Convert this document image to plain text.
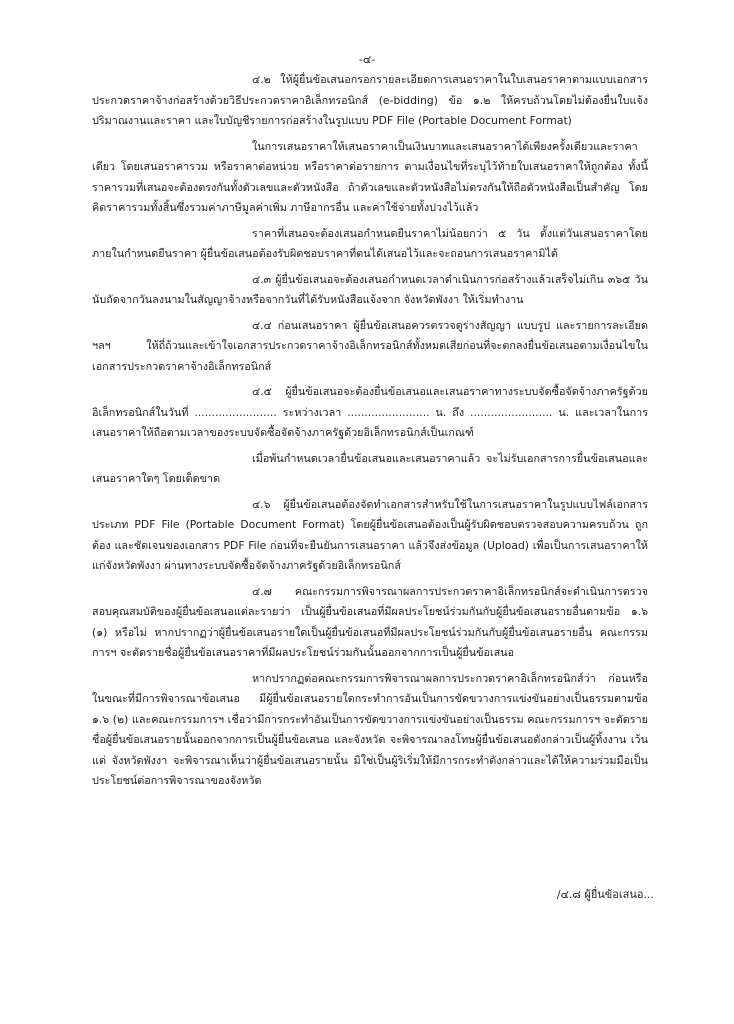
-๔-

๔.๒ ให้ผู้ยื่นข้อเสนอกรอกรายละเอียดการเสนอราคาในใบเสนอราคาตามแบบเอกสารประกวดราคาจ้างก่อสร้างด้วยวิธีประกวดราคาอิเล็กทรอนิกส์ (e-bidding) ข้อ ๑.๒ ให้ครบถ้วนโดยไม่ต้องยื่นใบแจ้งปริมาณงานและราคา และใบบัญชีรายการก่อสร้างในรูปแบบ PDF File (Portable Document Format)

ในการเสนอราคาให้เสนอราคาเป็นเงินบาทและเสนอราคาได้เพียงครั้งเดียวและราคาเดียว โดยเสนอราคารวม หรือราคาต่อหน่วย หรือราคาต่อรายการ ตามเงื่อนไขที่ระบุไว้ท้ายใบเสนอราคาให้ถูกต้อง ทั้งนี้ ราคารวมที่เสนอจะต้องตรงกันทั้งตัวเลขและตัวหนังสือ ถ้าตัวเลขและตัวหนังสือไม่ตรงกันให้ถือตัวหนังสือเป็นสำคัญ โดยคิดราคารวมทั้งสิ้นซึ่งรวมค่าภาษีมูลค่าเพิ่ม ภาษีอากรอื่น และค่าใช้จ่ายทั้งปวงไว้แล้ว

ราคาที่เสนอจะต้องเสนอกำหนดยืนราคาไม่น้อยกว่า ๕ วัน ตั้งแต่วันเสนอราคาโดยภายในกำหนดยืนราคา ผู้ยื่นข้อเสนอต้องรับผิดชอบราคาที่ตนได้เสนอไว้และจะถอนการเสนอราคามิได้

๔.๓ ผู้ยื่นข้อเสนอจะต้องเสนอกำหนดเวลาดำเนินการก่อสร้างแล้วเสร็จไม่เกิน ๓๖๕ วัน นับถัดจากวันลงนามในสัญญาจ้างหรือจากวันที่ได้รับหนังสือแจ้งจาก จังหวัดพังงา ให้เริ่มทำงาน

๔.๔ ก่อนเสนอราคา ผู้ยื่นข้อเสนอควรตรวจดูร่างสัญญา แบบรูป และรายการละเอียด ฯลฯ ให้ถี่ถ้วนและเข้าใจเอกสารประกวดราคาจ้างอิเล็กทรอนิกส์ทั้งหมดเสียก่อนที่จะตกลงยื่นข้อเสนอตามเงื่อนไขในเอกสารประกวดราคาจ้างอิเล็กทรอนิกส์

๔.๕ ผู้ยื่นข้อเสนอจะต้องยื่นข้อเสนอและเสนอราคาทางระบบจัดซื้อจัดจ้างภาครัฐด้วยอิเล็กทรอนิกส์ในวันที่ ........................ ระหว่างเวลา ........................ น. ถึง ........................ น. และเวลาในการเสนอราคาให้ถือตามเวลาของระบบจัดซื้อจัดจ้างภาครัฐด้วยอิเล็กทรอนิกส์เป็นเกณฑ์

เมื่อพ้นกำหนดเวลายื่นข้อเสนอและเสนอราคาแล้ว จะไม่รับเอกสารการยื่นข้อเสนอและเสนอราคาใดๆ โดยเด็ดขาด

๔.๖ ผู้ยื่นข้อเสนอต้องจัดทำเอกสารสำหรับใช้ในการเสนอราคาในรูปแบบไฟล์เอกสารประเภท PDF File (Portable Document Format) โดยผู้ยื่นข้อเสนอต้องเป็นผู้รับผิดชอบตรวจสอบความครบถ้วน ถูกต้อง และชัดเจนของเอกสาร PDF File ก่อนที่จะยืนยันการเสนอราคา แล้วจึงส่งข้อมูล (Upload) เพื่อเป็นการเสนอราคาให้แก่จังหวัดพังงา ผ่านทางระบบจัดซื้อจัดจ้างภาครัฐด้วยอิเล็กทรอนิกส์

๔.๗ คณะกรรมการพิจารณาผลการประกวดราคาอิเล็กทรอนิกส์จะดำเนินการตรวจสอบคุณสมบัติของผู้ยื่นข้อเสนอแต่ละรายว่า เป็นผู้ยื่นข้อเสนอที่มีผลประโยชน์ร่วมกันกับผู้ยื่นข้อเสนอรายอื่นตามข้อ ๑.๖ (๑) หรือไม่ หากปรากฏว่าผู้ยื่นข้อเสนอรายใดเป็นผู้ยื่นข้อเสนอที่มีผลประโยชน์ร่วมกันกับผู้ยื่นข้อเสนอรายอื่น คณะกรรมการฯ จะตัดรายชื่อผู้ยื่นข้อเสนอราคาที่มีผลประโยชน์ร่วมกันนั้นออกจากการเป็นผู้ยื่นข้อเสนอ

หากปรากฏต่อคณะกรรมการพิจารณาผลการประกวดราคาอิเล็กทรอนิกส์ว่า ก่อนหรือในขณะที่มีการพิจารณาข้อเสนอ มีผู้ยื่นข้อเสนอรายใดกระทำการอันเป็นการขัดขวางการแข่งขันอย่างเป็นธรรมตามข้อ ๑.๖ (๒) และคณะกรรมการฯ เชื่อว่ามีการกระทำอันเป็นการขัดขวางการแข่งขันอย่างเป็นธรรม คณะกรรมการฯ จะตัดรายชื่อผู้ยื่นข้อเสนอรายนั้นออกจากการเป็นผู้ยื่นข้อเสนอ และจังหวัด จะพิจารณาลงโทษผู้ยื่นข้อเสนอดังกล่าวเป็นผู้ทิ้งงาน เว้นแต่ จังหวัดพังงา จะพิจารณาเห็นว่าผู้ยื่นข้อเสนอรายนั้น มิใช่เป็นผู้ริเริ่มให้มีการกระทำดังกล่าวและได้ให้ความร่วมมือเป็นประโยชน์ต่อการพิจารณาของจังหวัด

/๔.๘ ผู้ยื่นข้อเสนอ...
